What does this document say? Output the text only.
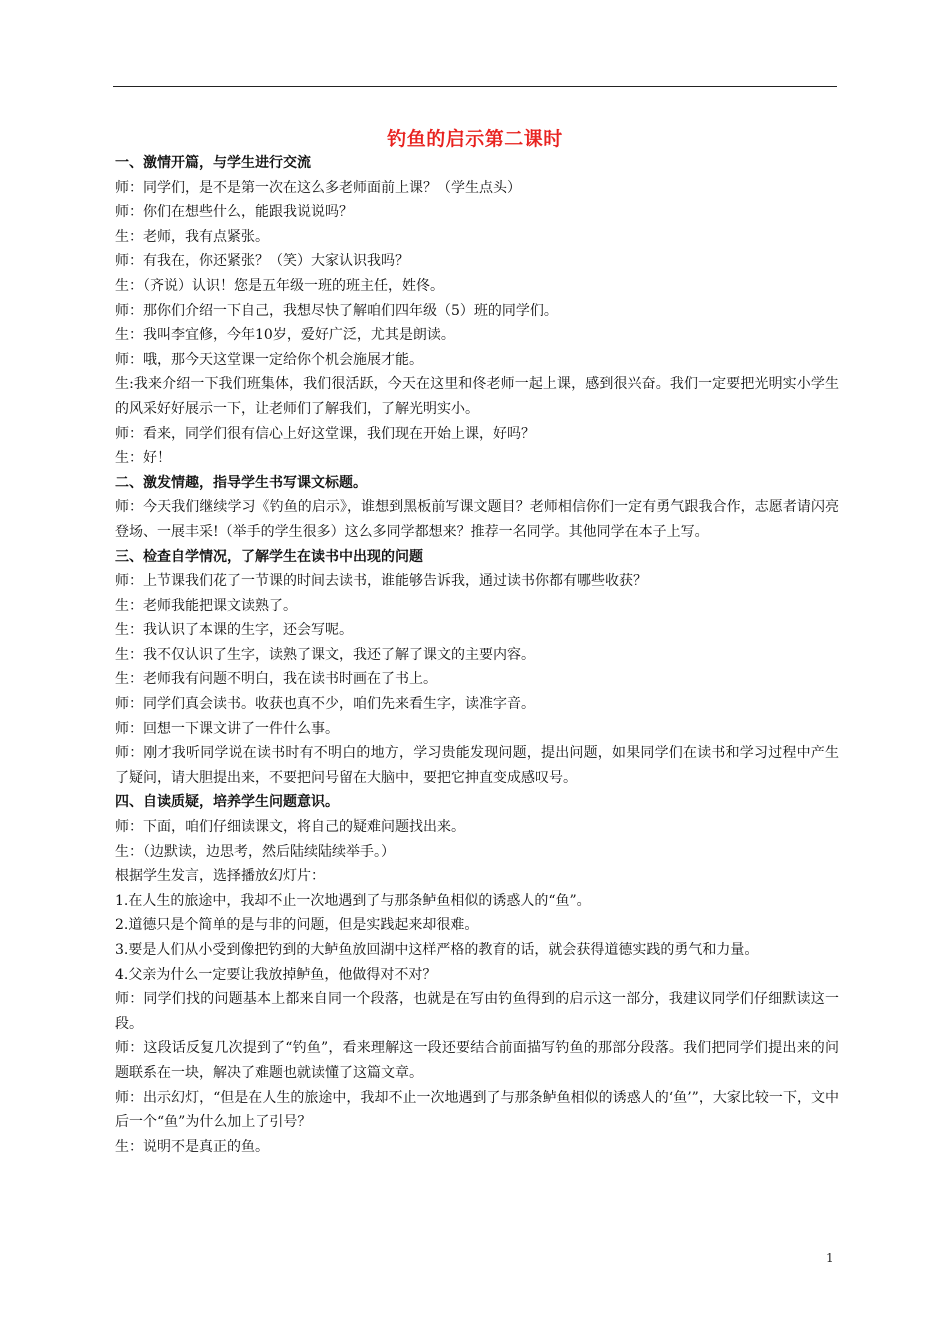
钓鱼的启示第二课时
一、激情开篇，与学生进行交流
师：同学们，是不是第一次在这么多老师面前上课？（学生点头）
师：你们在想些什么，能跟我说说吗？
生：老师，我有点紧张。
师：有我在，你还紧张？（笑）大家认识我吗？
生：（齐说）认识！您是五年级一班的班主任，姓佟。
师：那你们介绍一下自己，我想尽快了解咱们四年级（5）班的同学们。
生：我叫李宜修，今年10岁，爱好广泛，尤其是朗读。
师：哦，那今天这堂课一定给你个机会施展才能。
生:我来介绍一下我们班集体，我们很活跃，今天在这里和佟老师一起上课，感到很兴奋。我们一定要把光明实小学生的风采好好展示一下，让老师们了解我们，了解光明实小。
师：看来，同学们很有信心上好这堂课，我们现在开始上课，好吗？
生：好！
二、激发情趣，指导学生书写课文标题。
师：今天我们继续学习《钓鱼的启示》，谁想到黑板前写课文题目？老师相信你们一定有勇气跟我合作，志愿者请闪亮登场、一展丰采!（举手的学生很多）这么多同学都想来？推荐一名同学。其他同学在本子上写。
三、检查自学情况，了解学生在读书中出现的问题
师：上节课我们花了一节课的时间去读书，谁能够告诉我，通过读书你都有哪些收获？
生：老师我能把课文读熟了。
生：我认识了本课的生字，还会写呢。
生：我不仅认识了生字，读熟了课文，我还了解了课文的主要内容。
生：老师我有问题不明白，我在读书时画在了书上。
师：同学们真会读书。收获也真不少，咱们先来看生字，读准字音。
师：回想一下课文讲了一件什么事。
师：刚才我听同学说在读书时有不明白的地方，学习贵能发现问题，提出问题，如果同学们在读书和学习过程中产生了疑问，请大胆提出来，不要把问号留在大脑中，要把它抻直变成感叹号。
四、自读质疑，培养学生问题意识。
师：下面，咱们仔细读课文，将自己的疑难问题找出来。
生：（边默读，边思考，然后陆续陆续举手。）
根据学生发言，选择播放幻灯片：
1.在人生的旅途中，我却不止一次地遇到了与那条鲈鱼相似的诱惑人的“鱼”。
2.道德只是个简单的是与非的问题，但是实践起来却很难。
3.要是人们从小受到像把钓到的大鲈鱼放回湖中这样严格的教育的话，就会获得道德实践的勇气和力量。
4.父亲为什么一定要让我放掉鲈鱼，他做得对不对？
师：同学们找的问题基本上都来自同一个段落，也就是在写由钓鱼得到的启示这一部分，我建议同学们仔细默读这一段。
师：这段话反复几次提到了“钓鱼”，看来理解这一段还要结合前面描写钓鱼的那部分段落。我们把同学们提出来的问题联系在一块，解决了难题也就读懂了这篇文章。
师：出示幻灯，“但是在人生的旅途中，我却不止一次地遇到了与那条鲈鱼相似的诱惑人的‘鱼’”，大家比较一下，文中后一个“鱼”为什么加上了引号？
生：说明不是真正的鱼。
1
